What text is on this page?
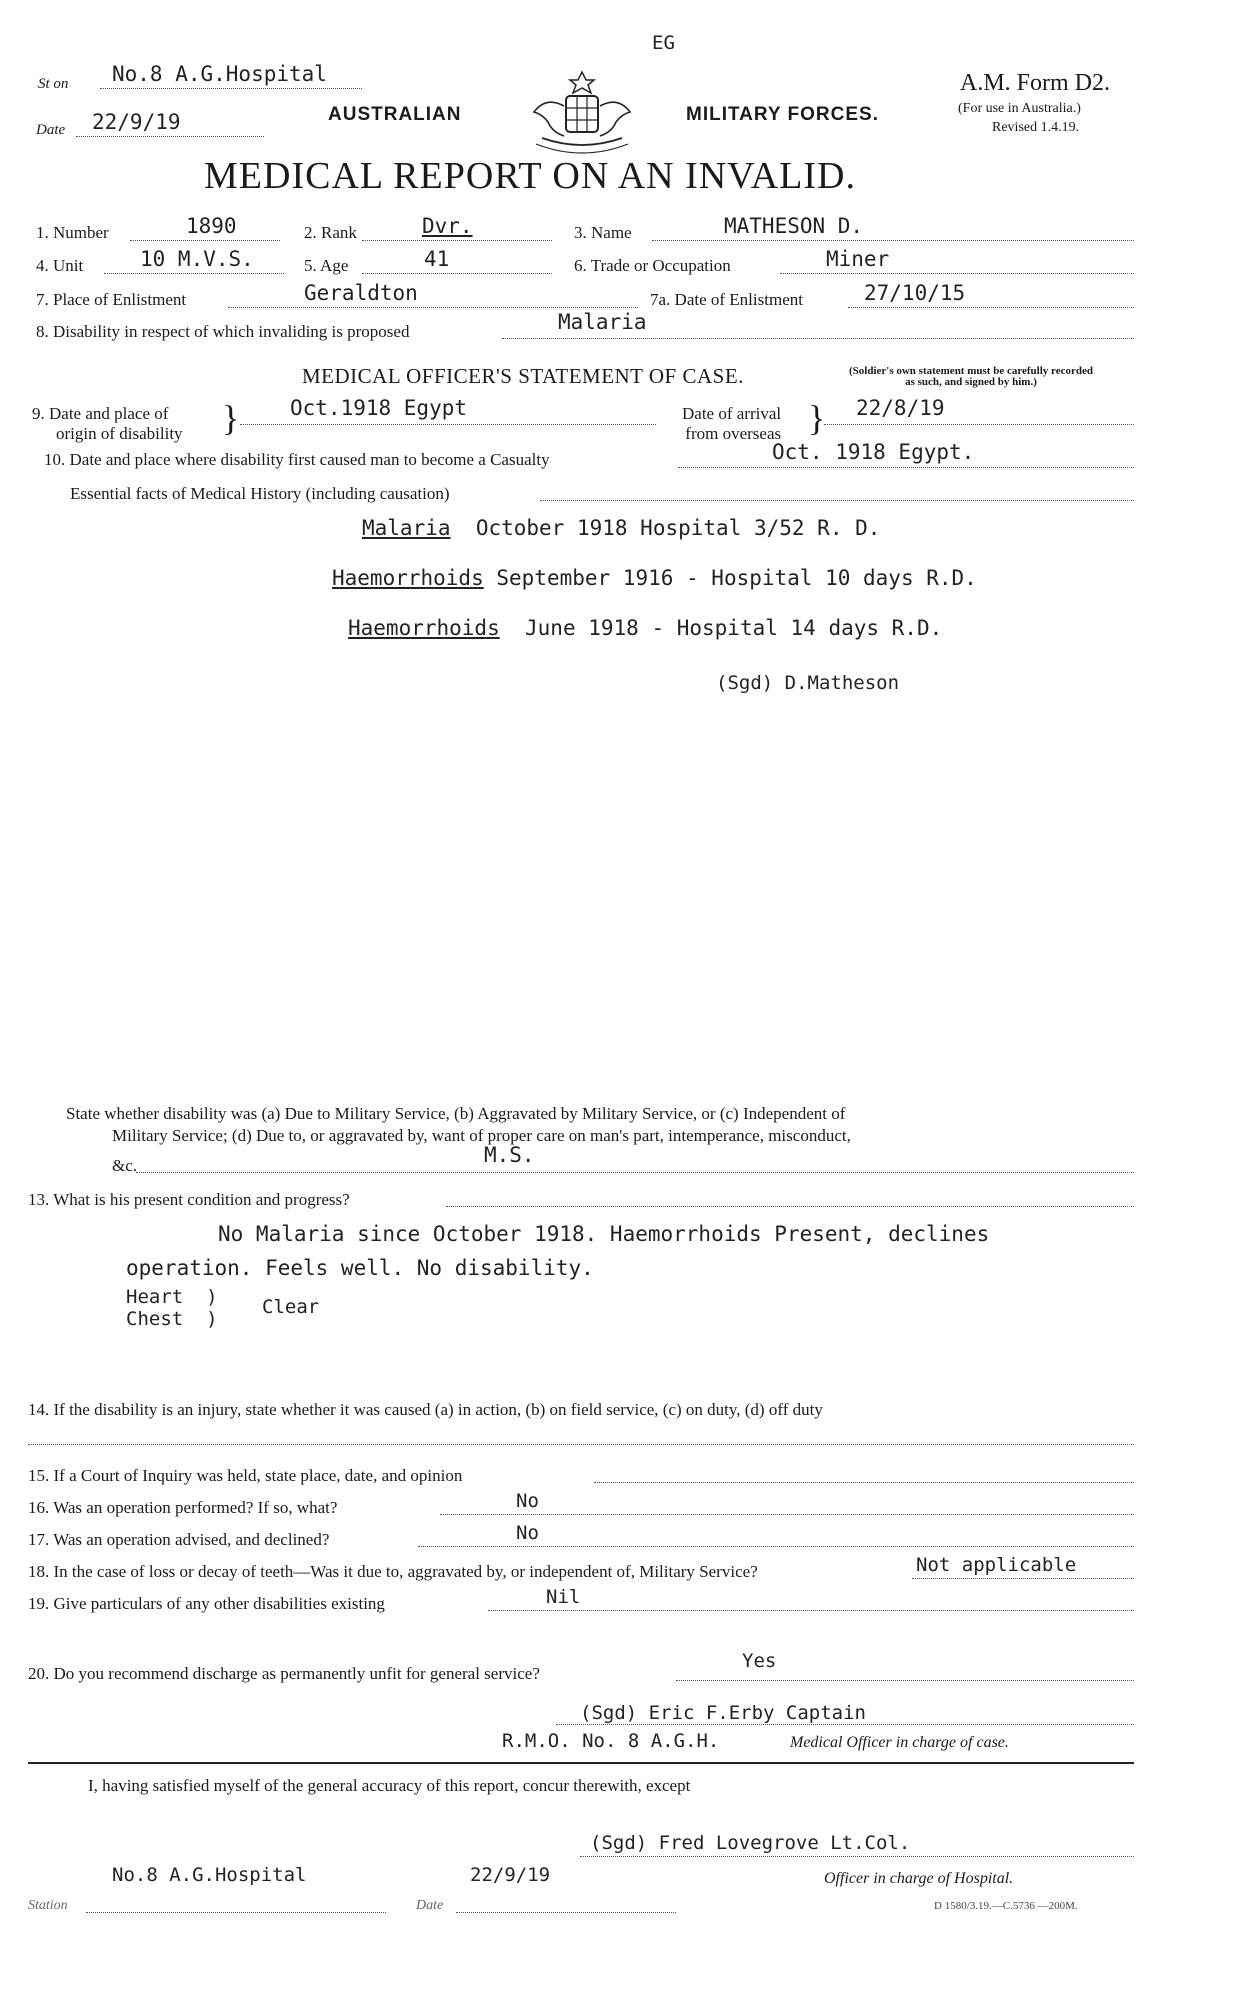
EG
St on No.8 A.G.Hospital
Date 22/9/19	AUSTRALIAN	MILITARY FORCES.
A.M. Form D2.
(For use in Australia.)
Revised 1.4.19.
MEDICAL REPORT ON AN INVALID.
1. Number	1890	2. Rank	Dvr.	3. Name	MATHESON D.
4. Unit	10 M.V.S.	5. Age	41	6. Trade or Occupation	Miner
7. Place of Enlistment	Geraldton	7a. Date of Enlistment	27/10/15
8. Disability in respect of which invaliding is proposed	Malaria
MEDICAL OFFICER'S STATEMENT OF CASE.	(Soldier's own statement must be carefully recorded
as such, and signed by him.)
9. Date and place of
origin of disability } Oct.1918 Egypt	Date of arrival
from overseas } 22/8/19
10. Date and place where disability first caused man to become a Casualty	Oct. 1918 Egypt.
Essential facts of Medical History (including causation)
Malaria October 1918 Hospital 3/52 R. D.
Haemorrhoids September 1916 - Hospital 10 days R.D.
Haemorrhoids June 1918 - Hospital 14 days R.D.
(Sgd) D.Matheson
State whether disability was (a) Due to Military Service, (b) Aggravated by Military Service, or (c) Independent of
Military Service; (d) Due to, or aggravated by, want of proper care on man's part, intemperance, misconduct,
&c.	M.S.
13. What is his present condition and progress?
No Malaria since October 1918. Haemorrhoids Present, declines
operation. Feels well. No disability.
Heart  )
Chest  )
Clear
14. If the disability is an injury, state whether it was caused (a) in action, (b) on field service, (c) on duty, (d) off duty
15. If a Court of Inquiry was held, state place, date, and opinion
16. Was an operation performed? If so, what?	No
17. Was an operation advised, and declined?	No
18. In the case of loss or decay of teeth—Was it due to, aggravated by, or independent of, Military Service?	Not applicable
19. Give particulars of any other disabilities existing	Nil
20. Do you recommend discharge as permanently unfit for general service?
Yes
(Sgd) Eric F.Erby Captain
R.M.O. No. 8 A.G.H.	Medical Officer in charge of case.
I, having satisfied myself of the general accuracy of this report, concur therewith, except
(Sgd) Fred Lovegrove Lt.Col.
No.8 A.G.Hospital	22/9/19	Officer in charge of Hospital.
Station	Date	D 1580/3.19.—C.5736 —200M.
